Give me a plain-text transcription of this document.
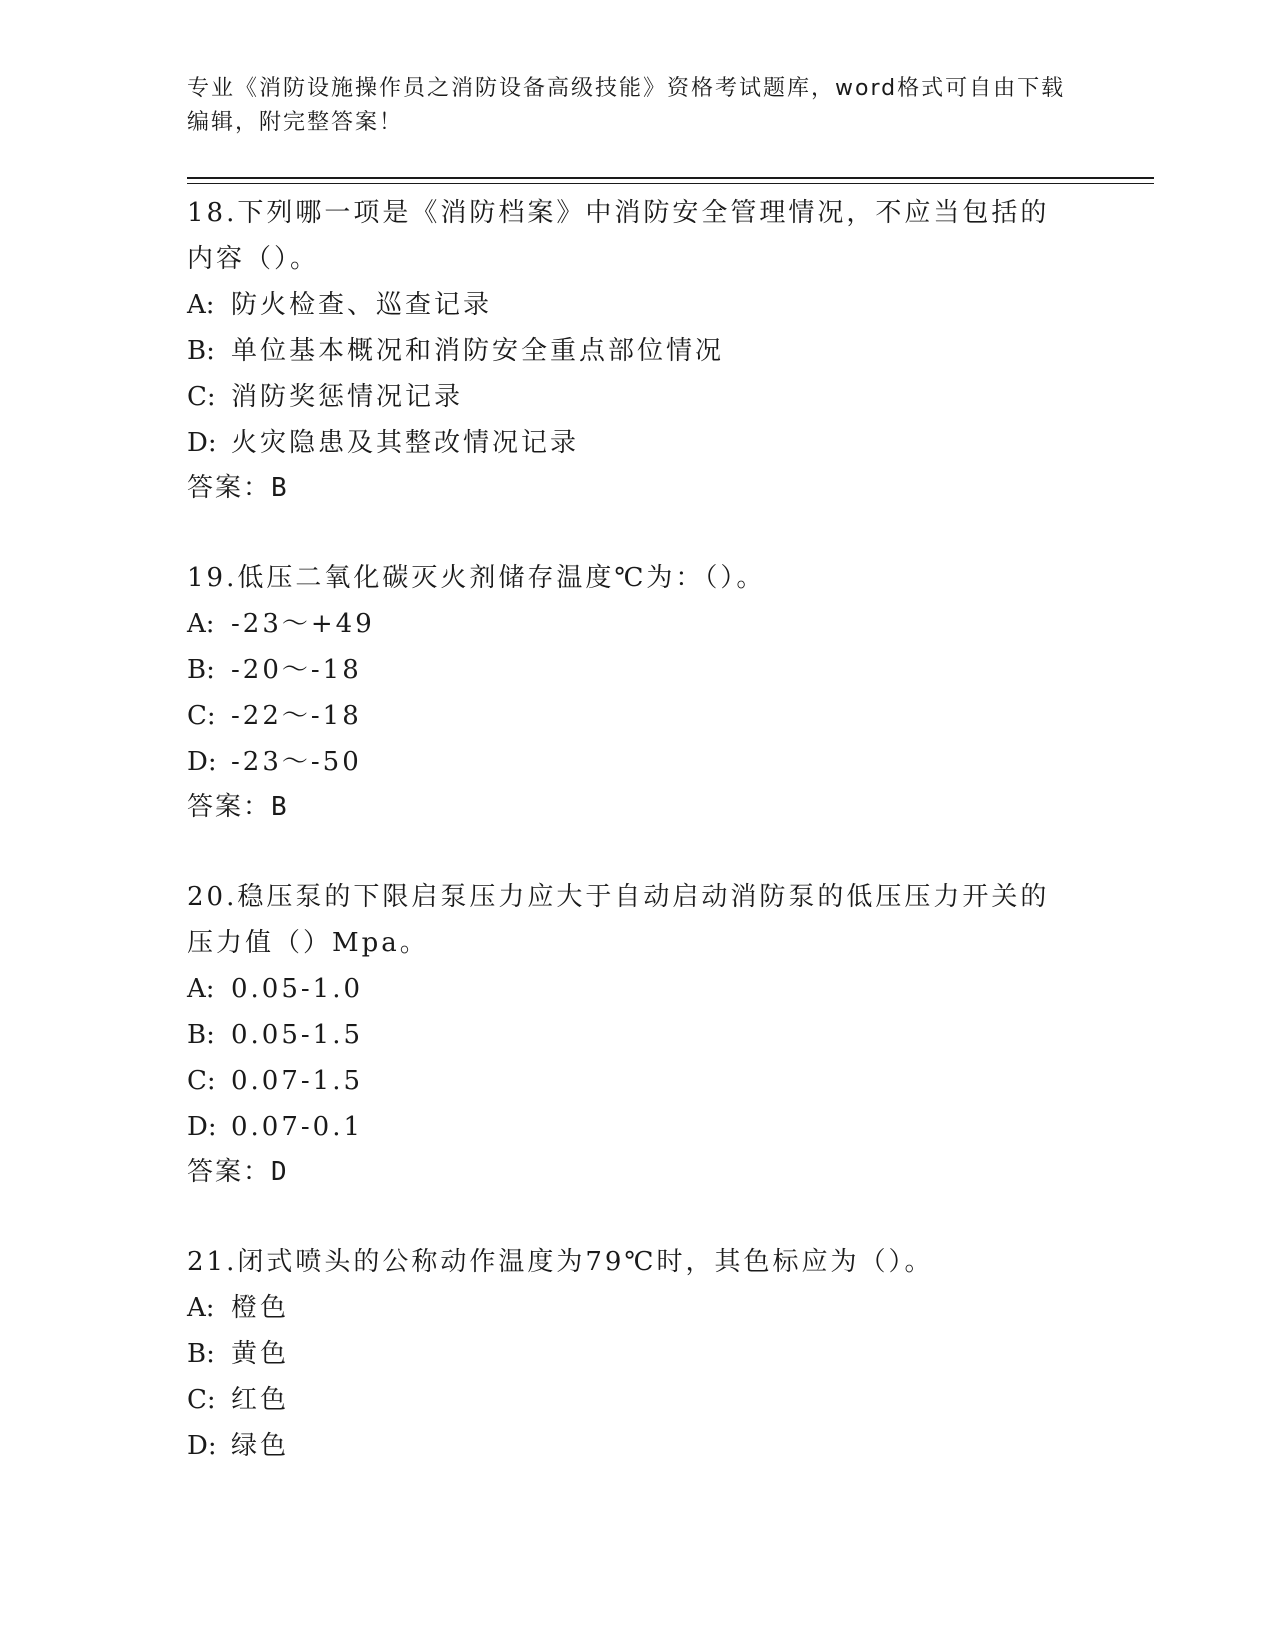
专业《消防设施操作员之消防设备高级技能》资格考试题库，word格式可自由下载编辑，附完整答案！
18.下列哪一项是《消防档案》中消防安全管理情况，不应当包括的内容（）。
A: 防火检查、巡查记录
B: 单位基本概况和消防安全重点部位情况
C: 消防奖惩情况记录
D: 火灾隐患及其整改情况记录
答案：B
19.低压二氧化碳灭火剂储存温度℃为：（）。
A: -23～+49
B: -20～-18
C: -22～-18
D: -23～-50
答案：B
20.稳压泵的下限启泵压力应大于自动启动消防泵的低压压力开关的压力值（）Mpa。
A: 0.05-1.0
B: 0.05-1.5
C: 0.07-1.5
D: 0.07-0.1
答案：D
21.闭式喷头的公称动作温度为79℃时，其色标应为（）。
A: 橙色
B: 黄色
C: 红色
D: 绿色
